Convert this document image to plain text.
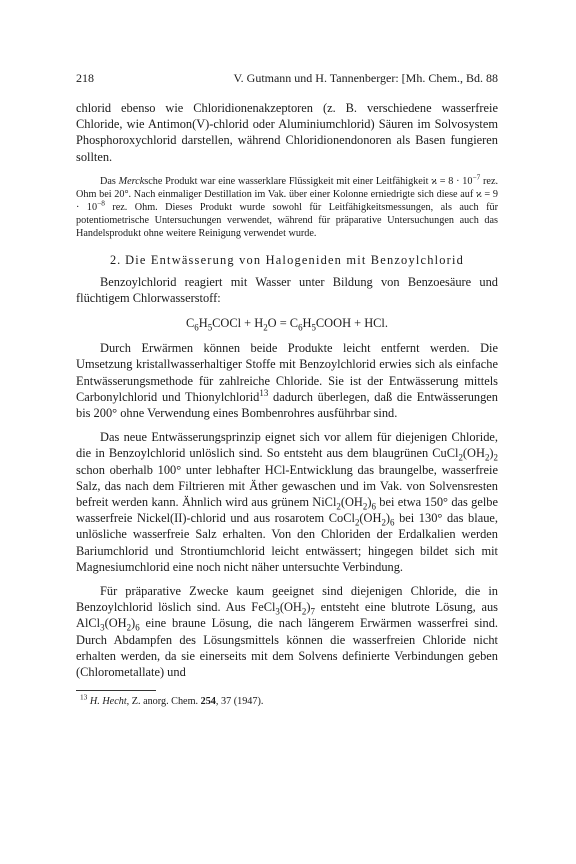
218	V. Gutmann und H. Tannenberger: [Mh. Chem., Bd. 88

chlorid ebenso wie Chloridionenakzeptoren (z. B. verschiedene wasserfreie Chloride, wie Antimon(V)-chlorid oder Aluminiumchlorid) Säuren im Solvosystem Phosphoroxychlorid darstellen, während Chloridionendonoren als Basen fungieren sollten.

Das Mercksche Produkt war eine wasserklare Flüssigkeit mit einer Leitfähigkeit $ϰ = 8 \cdot 10^{-7}$ rez. Ohm bei 20°. Nach einmaliger Destillation im Vak. über einer Kolonne erniedrigte sich diese auf $ϰ = 9 \cdot 10^{-8}$ rez. Ohm. Dieses Produkt wurde sowohl für Leitfähigkeitsmessungen, als auch für potentiometrische Untersuchungen verwendet, während für präparative Untersuchungen auch das Handelsprodukt ohne weitere Reinigung verwendet wurde.

2. Die Entwässerung von Halogeniden mit Benzoylchlorid

Benzoylchlorid reagiert mit Wasser unter Bildung von Benzoesäure und flüchtigem Chlorwasserstoff:

$C_6H_5COCl + H_2O$ = $C_6H_5COOH$ + HCl.

Durch Erwärmen können beide Produkte leicht entfernt werden. Die Umsetzung kristallwasserhaltiger Stoffe mit Benzoylchlorid erwies sich als einfache Entwässerungsmethode für zahlreiche Chloride. Sie ist der Entwässerung mittels Carbonylchlorid und Thionylchlorid$^{13}$ dadurch überlegen, daß die Entwässerungen bis 200° ohne Verwendung eines Bombenrohres ausführbar sind.

Das neue Entwässerungsprinzip eignet sich vor allem für diejenigen Chloride, die in Benzoylchlorid unlöslich sind. So entsteht aus dem blaugrünen $CuCl_2(OH_2)_2$ schon oberhalb 100° unter lebhafter HCl-Entwicklung das braungelbe, wasserfreie Salz, das nach dem Filtrieren mit Äther gewaschen und im Vak. von Solvensresten befreit werden kann. Ähnlich wird aus grünem $NiCl_2(OH_2)_6$ bei etwa 150° das gelbe wasserfreie Nickel(II)-chlorid und aus rosarotem $CoCl_2(OH_2)_6$ bei 130° das blaue, unlösliche wasserfreie Salz erhalten. Von den Chloriden der Erdalkalien werden Bariumchlorid und Strontiumchlorid leicht entwässert; hingegen bildet sich mit Magnesiumchlorid eine noch nicht näher untersuchte Verbindung.

Für präparative Zwecke kaum geeignet sind diejenigen Chloride, die in Benzoylchlorid löslich sind. Aus $FeCl_3(OH_2)_7$ entsteht eine blutrote Lösung, aus $AlCl_3(OH_2)_6$ eine braune Lösung, die nach längerem Erwärmen wasserfrei sind. Durch Abdampfen des Lösungsmittels können die wasserfreien Chloride nicht erhalten werden, da sie einerseits mit dem Solvens definierte Verbindungen geben (Chlorometallate) und

$^{13}$ H. Hecht, Z. anorg. Chem. 254, 37 (1947).
